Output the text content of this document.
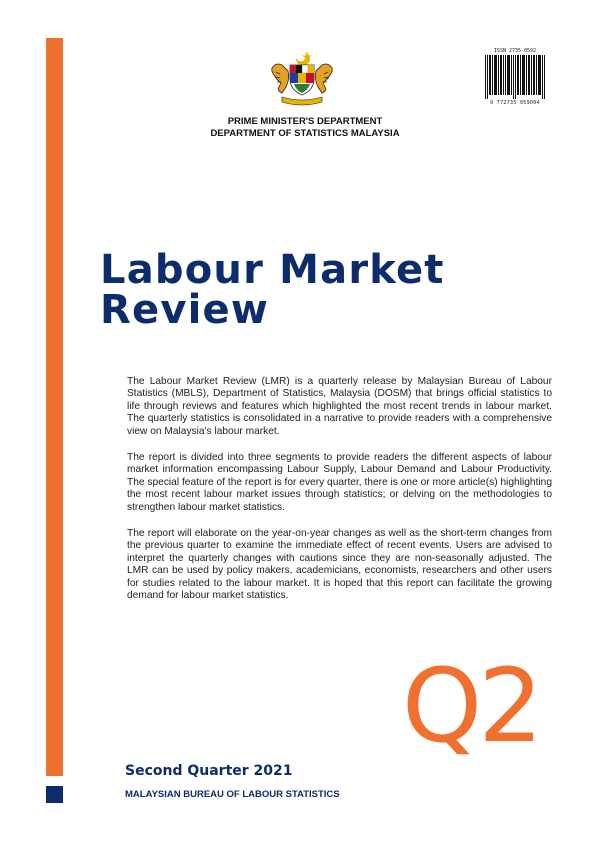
ISSN 2735-0592
9 772735 059004
PRIME MINISTER'S DEPARTMENT
DEPARTMENT OF STATISTICS MALAYSIA
Labour Market
Review

The Labour Market Review (LMR) is a quarterly release by Malaysian Bureau of Labour Statistics (MBLS), Department of Statistics, Malaysia (DOSM) that brings official statistics to life through reviews and features which highlighted the most recent trends in labour market. The quarterly statistics is consolidated in a narrative to provide readers with a comprehensive view on Malaysia's labour market.

The report is divided into three segments to provide readers the different aspects of labour market information encompassing Labour Supply, Labour Demand and Labour Productivity. The special feature of the report is for every quarter, there is one or more article(s) highlighting the most recent labour market issues through statistics; or delving on the methodologies to strengthen labour market statistics.

The report will elaborate on the year-on-year changes as well as the short-term changes from the previous quarter to examine the immediate effect of recent events. Users are advised to interpret the quarterly changes with cautions since they are non-seasonally adjusted. The LMR can be used by policy makers, academicians, economists, researchers and other users for studies related to the labour market. It is hoped that this report can facilitate the growing demand for labour market statistics.

Q2
Second Quarter 2021
MALAYSIAN BUREAU OF LABOUR STATISTICS
